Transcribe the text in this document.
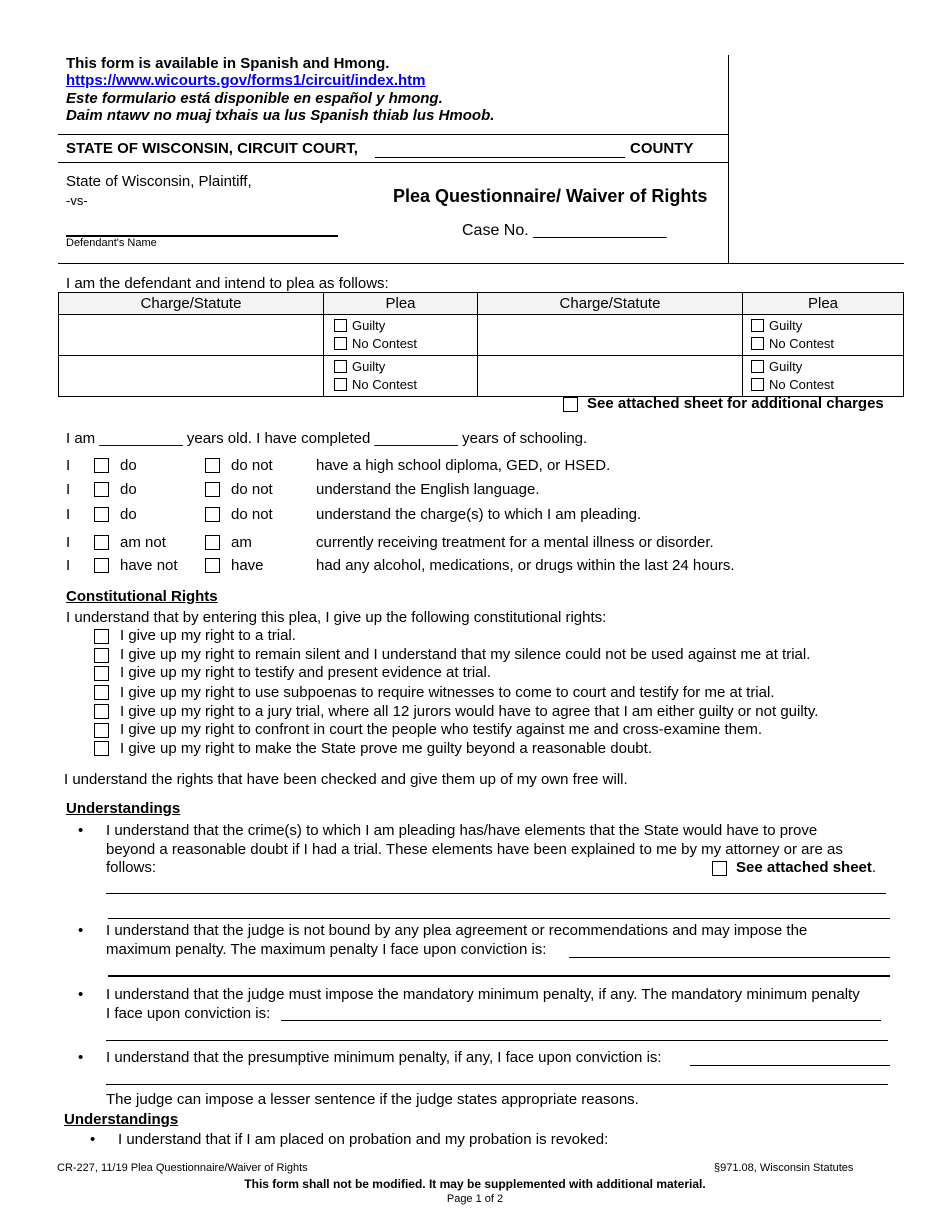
This form is available in Spanish and Hmong.
https://www.wicourts.gov/forms1/circuit/index.htm
Este formulario está disponible en español y hmong.
Daim ntawv no muaj txhais ua lus Spanish thiab lus Hmoob.
STATE OF WISCONSIN, CIRCUIT COURT,	COUNTY
State of Wisconsin, Plaintiff,
-vs-	Plea Questionnaire/ Waiver of Rights
Defendant's Name
Case No. _______________
I am the defendant and intend to plea as follows:
Charge/Statute	Plea	Charge/Statute	Plea

	Guilty
No Contest		Guilty
No Contest

	Guilty
No Contest		Guilty
No Contest
See attached sheet for additional charges
I am __________ years old. I have completed __________ years of schooling.
I	do	do not	have a high school diploma, GED, or HSED.
I	do	do not	understand the English language.
I	do	do not	understand the charge(s) to which I am pleading.
I	am not	am	currently receiving treatment for a mental illness or disorder.
I	have not	have	had any alcohol, medications, or drugs within the last 24 hours.
Constitutional Rights
I understand that by entering this plea, I give up the following constitutional rights:
I give up my right to a trial.
I give up my right to remain silent and I understand that my silence could not be used against me at trial.
I give up my right to testify and present evidence at trial.
I give up my right to use subpoenas to require witnesses to come to court and testify for me at trial.
I give up my right to a jury trial, where all 12 jurors would have to agree that I am either guilty or not guilty.
I give up my right to confront in court the people who testify against me and cross-examine them.
I give up my right to make the State prove me guilty beyond a reasonable doubt.
I understand the rights that have been checked and give them up of my own free will.
Understandings
• I understand that the crime(s) to which I am pleading has/have elements that the State would have to prove
beyond a reasonable doubt if I had a trial. These elements have been explained to me by my attorney or are as
follows:	See attached sheet.
• I understand that the judge is not bound by any plea agreement or recommendations and may impose the
maximum penalty. The maximum penalty I face upon conviction is:
• I understand that the judge must impose the mandatory minimum penalty, if any. The mandatory minimum penalty
I face upon conviction is:
• I understand that the presumptive minimum penalty, if any, I face upon conviction is:
The judge can impose a lesser sentence if the judge states appropriate reasons.
Understandings
• I understand that if I am placed on probation and my probation is revoked:
CR-227, 11/19 Plea Questionnaire/Waiver of Rights	§971.08, Wisconsin Statutes
This form shall not be modified. It may be supplemented with additional material.
Page 1 of 2
